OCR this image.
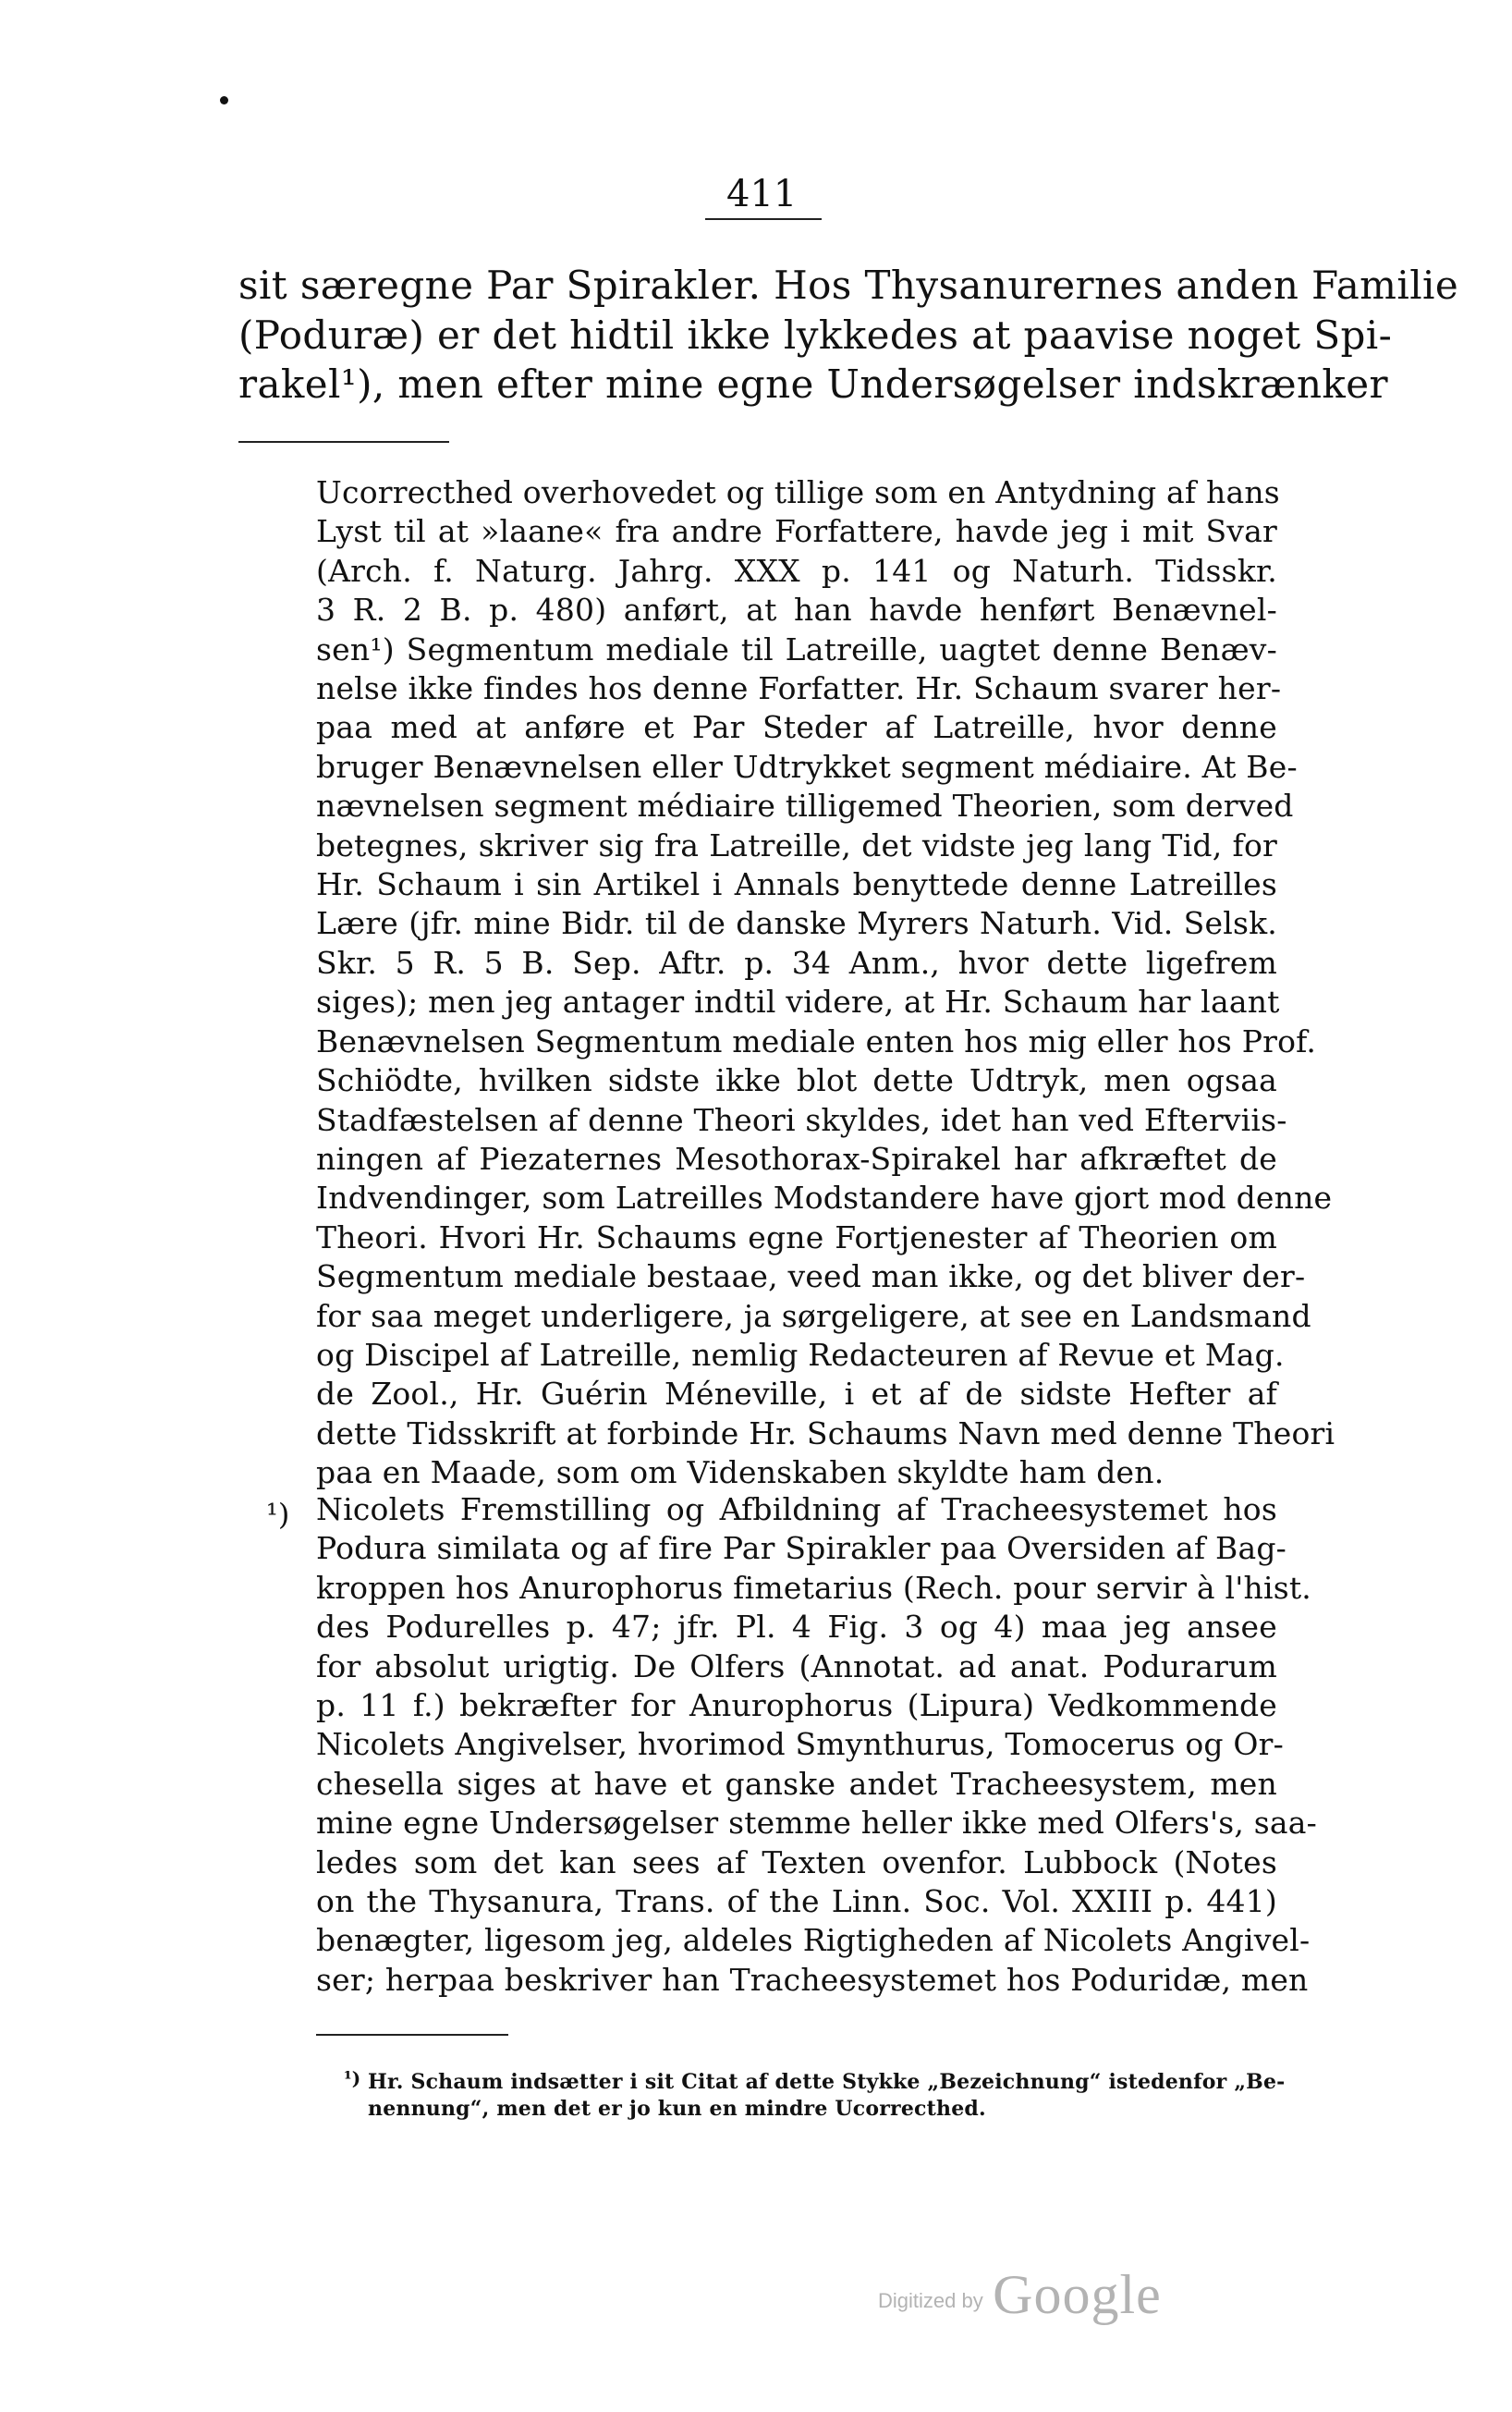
411
sit særegne Par Spirakler. Hos Thysanurernes anden Familie
(Poduræ) er det hidtil ikke lykkedes at paavise noget Spi-
rakel¹), men efter mine egne Undersøgelser indskrænker
Ucorrecthed overhovedet og tillige som en Antydning af hans
Lyst til at »laane« fra andre Forfattere, havde jeg i mit Svar
(Arch. f. Naturg. Jahrg. XXX p. 141 og Naturh. Tidsskr.
3 R. 2 B. p. 480) anført, at han havde henført Benævnel-
sen¹) Segmentum mediale til Latreille, uagtet denne Benæv-
nelse ikke findes hos denne Forfatter. Hr. Schaum svarer her-
paa med at anføre et Par Steder af Latreille, hvor denne
bruger Benævnelsen eller Udtrykket segment médiaire. At Be-
nævnelsen segment médiaire tilligemed Theorien, som derved
betegnes, skriver sig fra Latreille, det vidste jeg lang Tid, for
Hr. Schaum i sin Artikel i Annals benyttede denne Latreilles
Lære (jfr. mine Bidr. til de danske Myrers Naturh. Vid. Selsk.
Skr. 5 R. 5 B. Sep. Aftr. p. 34 Anm., hvor dette ligefrem
siges); men jeg antager indtil videre, at Hr. Schaum har laant
Benævnelsen Segmentum mediale enten hos mig eller hos Prof.
Schiödte, hvilken sidste ikke blot dette Udtryk, men ogsaa
Stadfæstelsen af denne Theori skyldes, idet han ved Efterviis-
ningen af Piezaternes Mesothorax-Spirakel har afkræftet de
Indvendinger, som Latreilles Modstandere have gjort mod denne
Theori. Hvori Hr. Schaums egne Fortjenester af Theorien om
Segmentum mediale bestaae, veed man ikke, og det bliver der-
for saa meget underligere, ja sørgeligere, at see en Landsmand
og Discipel af Latreille, nemlig Redacteuren af Revue et Mag.
de Zool., Hr. Guérin Méneville, i et af de sidste Hefter af
dette Tidsskrift at forbinde Hr. Schaums Navn med denne Theori
paa en Maade, som om Videnskaben skyldte ham den.
¹) Nicolets Fremstilling og Afbildning af Tracheesystemet hos
Podura similata og af fire Par Spirakler paa Oversiden af Bag-
kroppen hos Anurophorus fimetarius (Rech. pour servir à l'hist.
des Podurelles p. 47; jfr. Pl. 4 Fig. 3 og 4) maa jeg ansee
for absolut urigtig. De Olfers (Annotat. ad anat. Podurarum
p. 11 f.) bekræfter for Anurophorus (Lipura) Vedkommende
Nicolets Angivelser, hvorimod Smynthurus, Tomocerus og Or-
chesella siges at have et ganske andet Tracheesystem, men
mine egne Undersøgelser stemme heller ikke med Olfers's, saa-
ledes som det kan sees af Texten ovenfor. Lubbock (Notes
on the Thysanura, Trans. of the Linn. Soc. Vol. XXIII p. 441)
benægter, ligesom jeg, aldeles Rigtigheden af Nicolets Angivel-
ser; herpaa beskriver han Tracheesystemet hos Poduridæ, men
¹) Hr. Schaum indsætter i sit Citat af dette Stykke „Bezeichnung“ istedenfor „Be-
nennung“, men det er jo kun en mindre Ucorrecthed.
Digitized by Google
